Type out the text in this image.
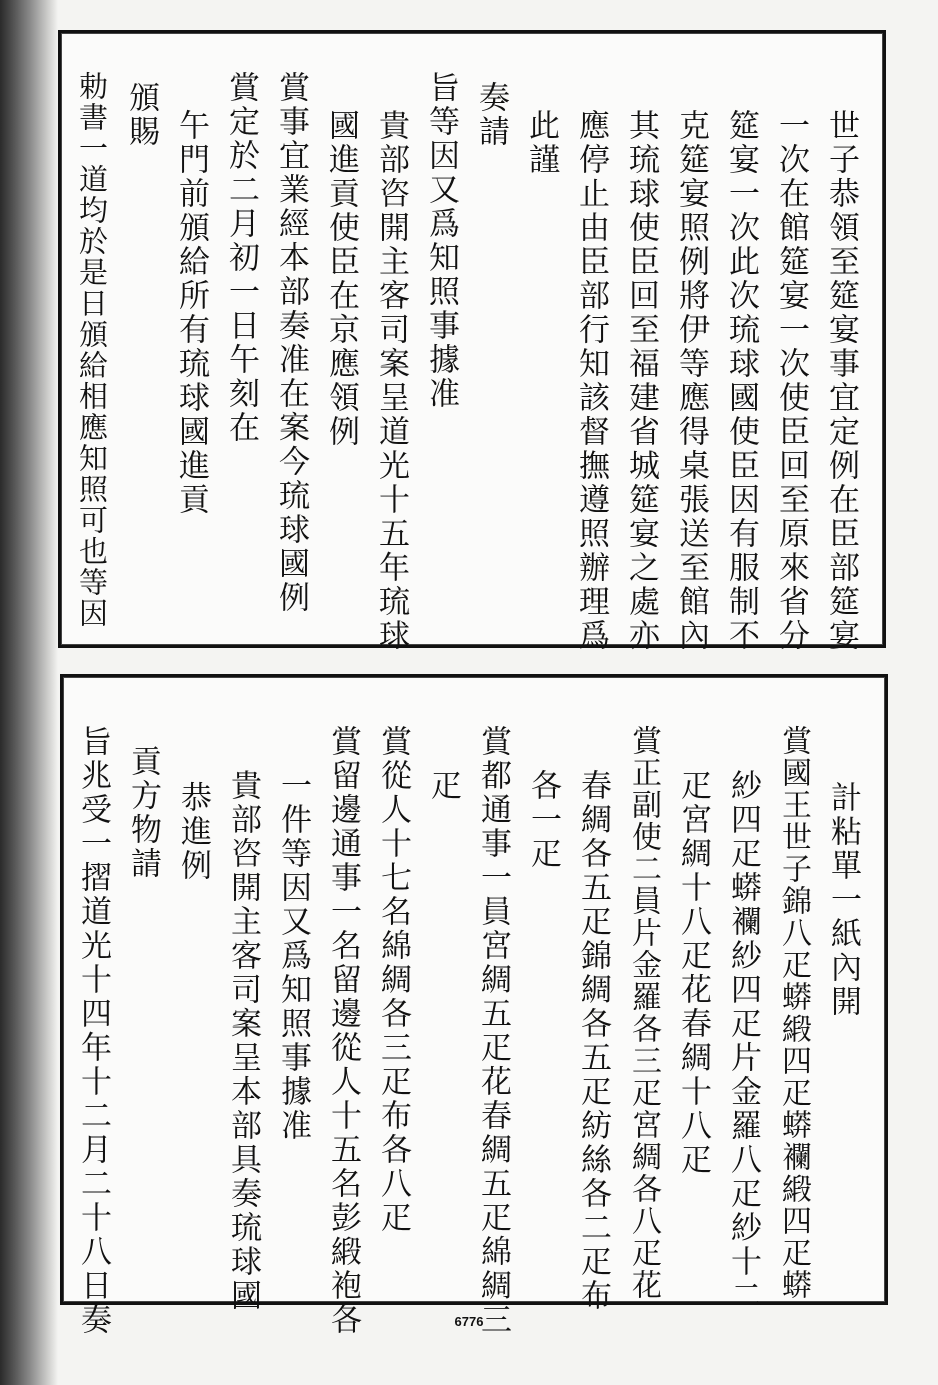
世子恭領至筵宴事宜定例在臣部筵宴
一次在館筵宴一次使臣回至原來省分
筵宴一次此次琉球國使臣因有服制不
克筵宴照例將伊等應得桌張送至館內
其琉球使臣回至福建省城筵宴之處亦
應停止由臣部行知該督撫遵照辦理爲
此謹
奏請
旨等因又爲知照事據准
貴部咨開主客司案呈道光十五年琉球
國進貢使臣在京應領例
賞事宜業經本部奏准在案今琉球國例
賞定於二月初一日午刻在
午門前頒給所有琉球國進貢
頒賜
勅書一道均於是日頒給相應知照可也等因
計粘單一紙內開
賞國王世子錦八疋蟒緞四疋蟒襴緞四疋蟒
紗四疋蟒襴紗四疋片金羅八疋紗十二
疋宮綢十八疋花春綢十八疋
賞正副使二員片金羅各三疋宮綢各八疋花
春綢各五疋錦綢各五疋紡絲各二疋布
各一疋
賞都通事一員宮綢五疋花春綢五疋綿綢三
疋
賞從人十七名綿綢各三疋布各八疋
賞留邊通事一名留邊從人十五名彭緞袍各
一件等因又爲知照事據准
貴部咨開主客司案呈本部具奏琉球國
恭進例
貢方物請
旨兆受一摺道光十四年十二月二十八日奏	6776
